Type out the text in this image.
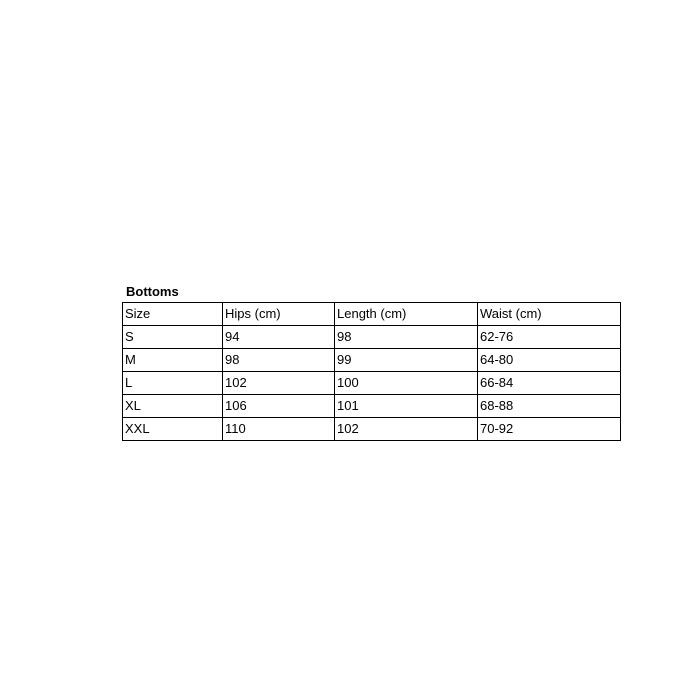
Bottoms
Size	Hips (cm)	Length (cm)	Waist (cm)
S	94	98	62-76
M	98	99	64-80
L	102	100	66-84
XL	106	101	68-88
XXL	110	102	70-92
